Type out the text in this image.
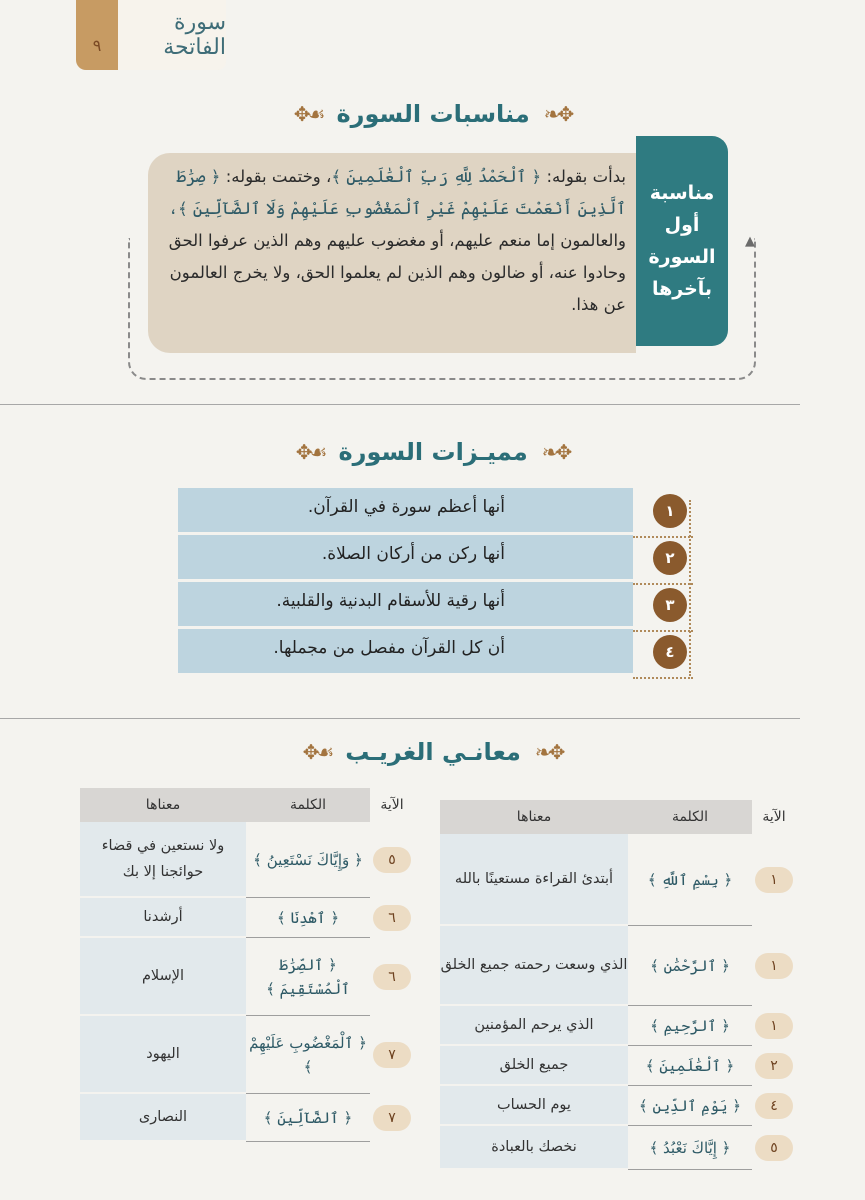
سورة الفاتحة
٩
✥❧
مناسبات السورة
☙✥
▲
بدأت بقوله: ﴿ ٱلْحَمْدُ لِلَّهِ رَبِّ ٱلْعَٰلَمِينَ ﴾، وختمت بقوله: ﴿ صِرَٰطَ ٱلَّذِينَ أَنْعَمْتَ عَلَيْهِمْ غَيْرِ ٱلْمَغْضُوبِ عَلَيْهِمْ وَلَا ٱلضَّآلِّينَ ﴾، والعالمون إما منعم عليهم، أو مغضوب عليهم وهم الذين عرفوا الحق وحادوا عنه، أو ضالون وهم الذين لم يعلموا الحق، ولا يخرج العالمون عن هذا.
مناسبة
أول
السورة
بآخرها
✥❧
مميـزات السورة
☙✥
أنها أعظم سورة في القرآن.	١
أنها ركن من أركان الصلاة.	٢
أنها رقية للأسقام البدنية والقلبية.	٣
أن كل القرآن مفصل من مجملها.	٤
✥❧
معانـي الغريـب
☙✥
الآية	الكلمة	معناها
١	﴿ بِسْمِ ٱللَّهِ ﴾	أبتدئ القراءة مستعينًا بالله
١	﴿ ٱلرَّحْمَٰنِ ﴾	الذي وسعت رحمته جميع الخلق
١	﴿ ٱلرَّحِيمِ ﴾	الذي يرحم المؤمنين
٢	﴿ ٱلْعَٰلَمِينَ ﴾	جميع الخلق
٤	﴿ يَوْمِ ٱلدِّينِ ﴾	يوم الحساب
٥	﴿ إِيَّاكَ نَعْبُدُ ﴾	نخصك بالعبادة
الآية	الكلمة	معناها
٥	﴿ وَإِيَّاكَ نَسْتَعِينُ ﴾	ولا نستعين في قضاء حوائجنا إلا بك
٦	﴿ ٱهْدِنَا ﴾	أرشدنا
٦	﴿ ٱلصِّرَٰطَ ٱلْمُسْتَقِيمَ ﴾	الإسلام
٧	﴿ ٱلْمَغْضُوبِ عَلَيْهِمْ ﴾	اليهود
٧	﴿ ٱلضَّآلِّينَ ﴾	النصارى
